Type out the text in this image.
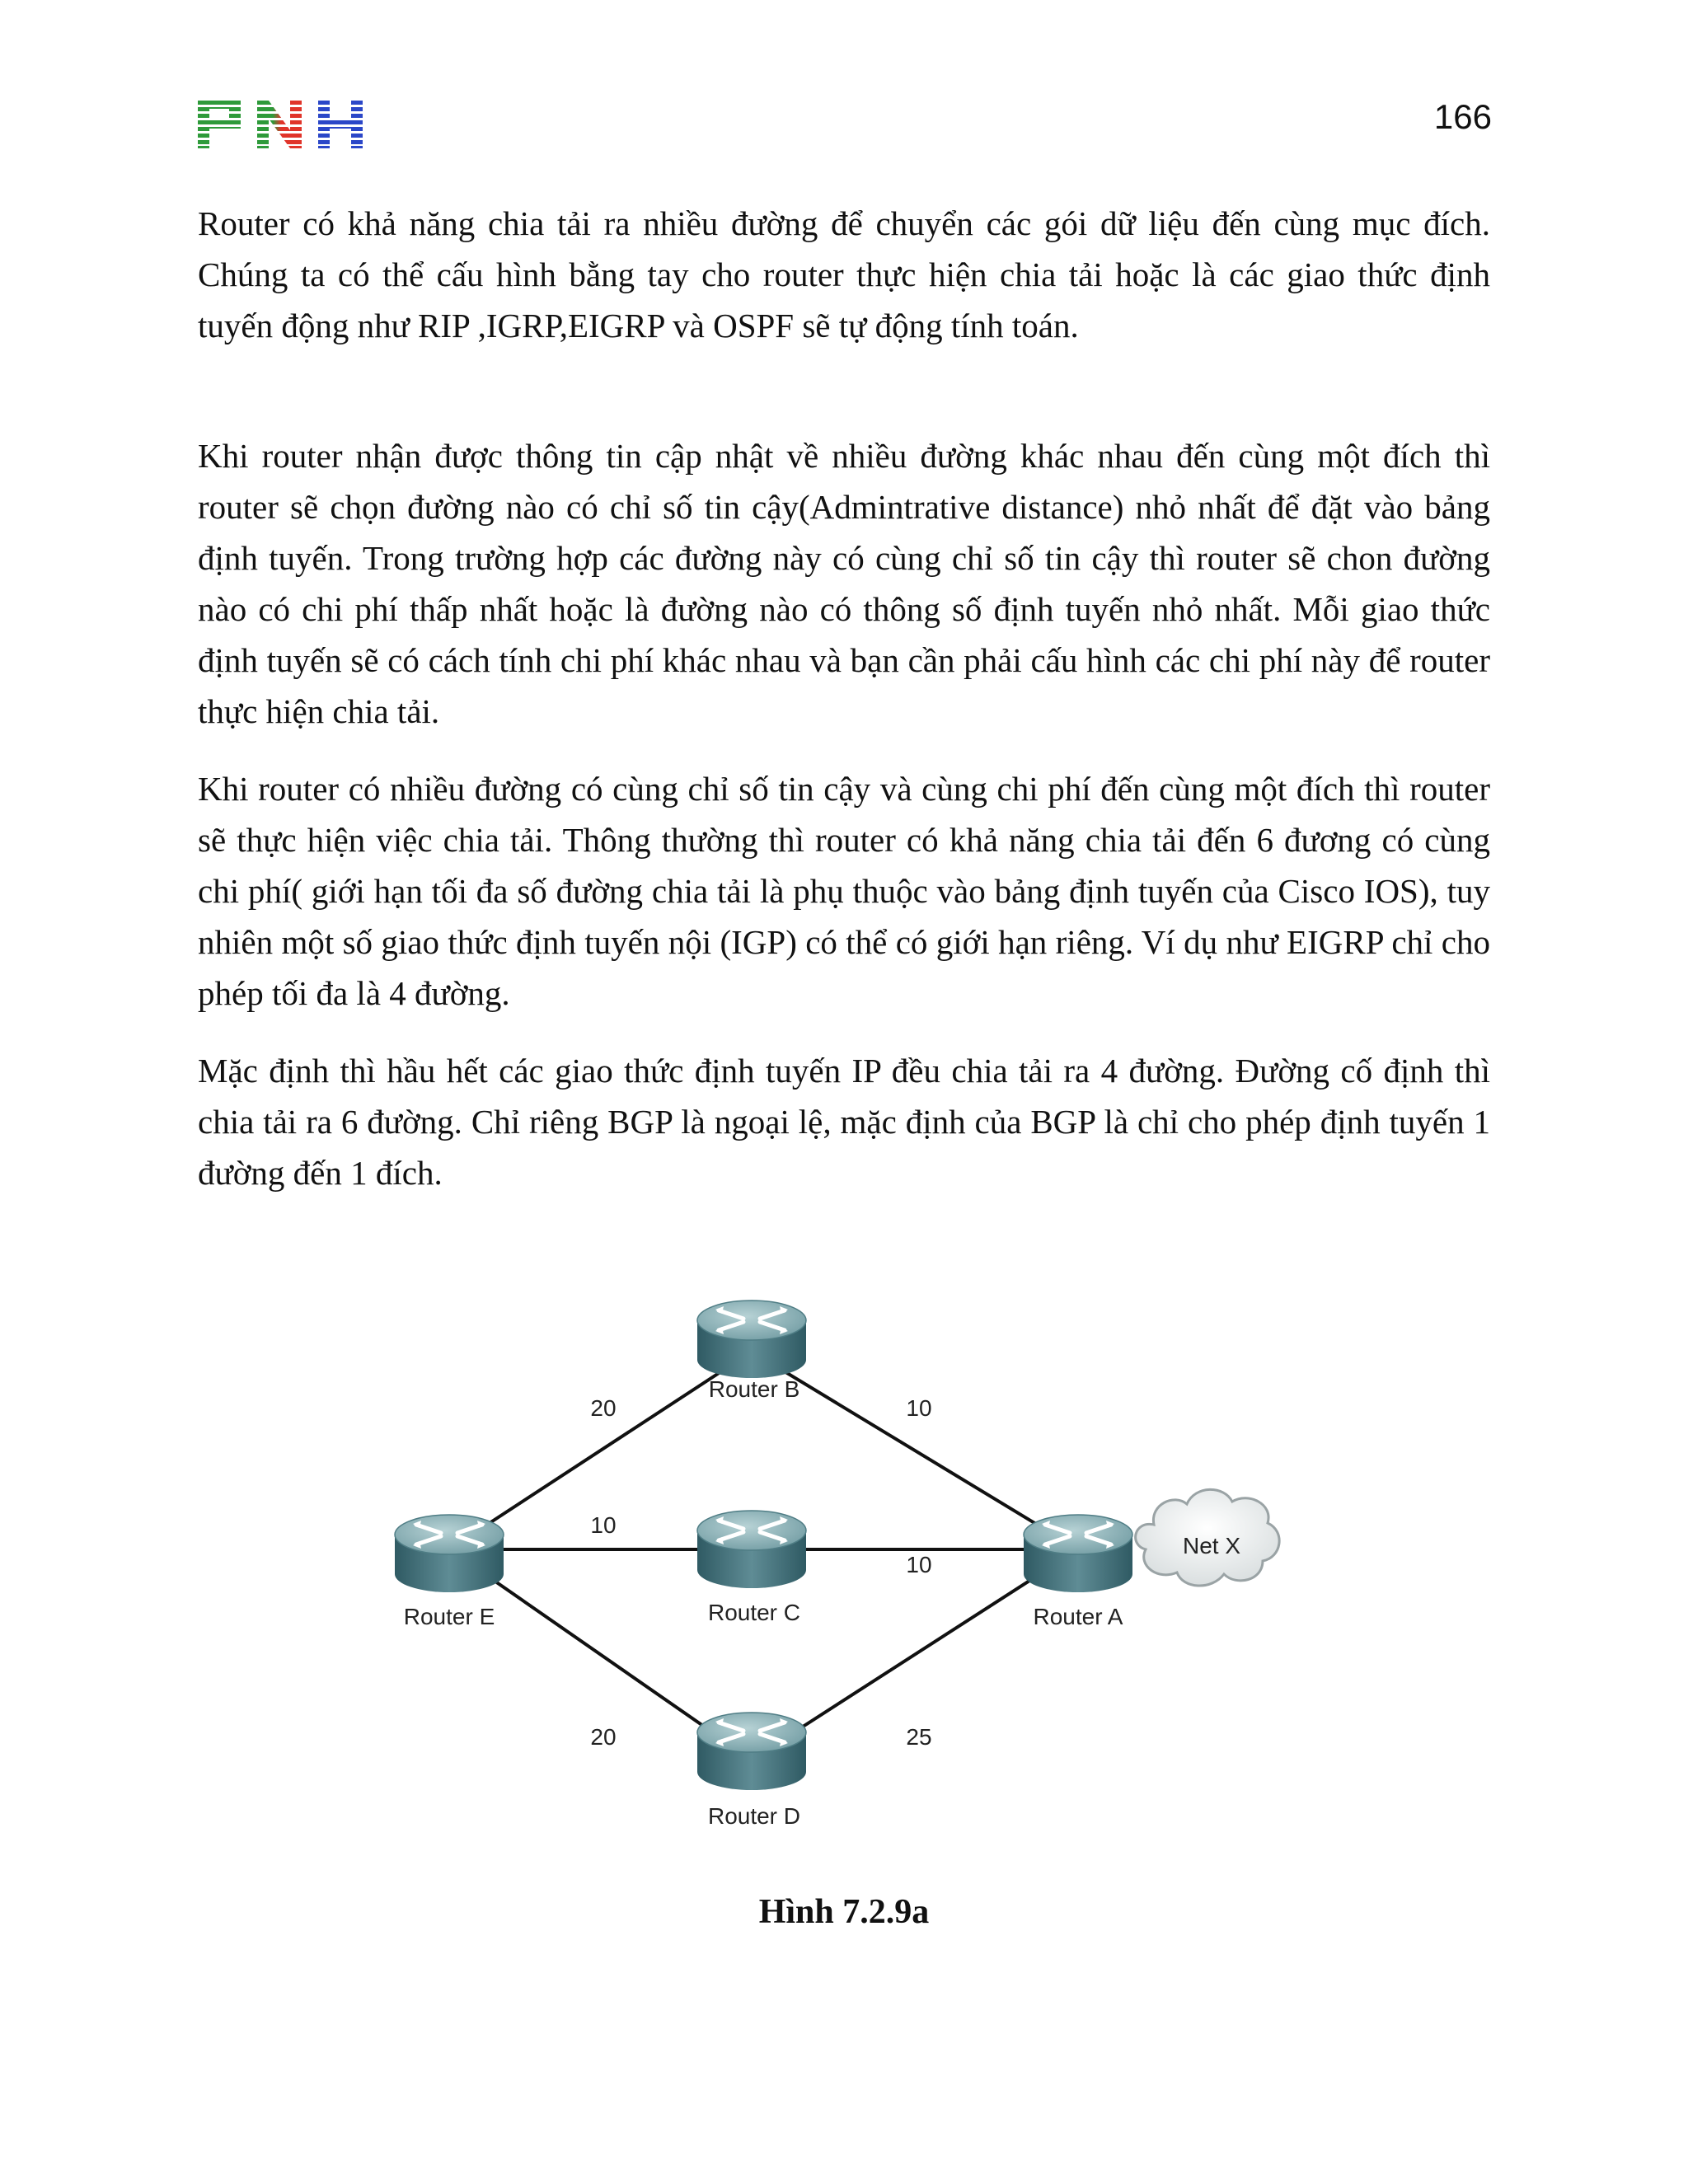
166

Router có khả năng chia tải ra nhiều đường để chuyển các gói dữ liệu đến cùng mục đích. Chúng ta có thể cấu hình bằng tay cho router thực hiện chia tải hoặc là các giao thức định tuyến động như RIP ,IGRP,EIGRP và OSPF sẽ tự động tính toán.

Khi router nhận được thông tin cập nhật về nhiều đường khác nhau đến cùng một đích thì router sẽ chọn đường nào có chỉ số tin cậy(Admintrative distance) nhỏ nhất để đặt vào bảng định tuyến. Trong trường hợp các đường này có cùng chỉ số tin cậy thì router sẽ chon đường nào có chi phí thấp nhất hoặc là đường nào có thông số định tuyến nhỏ nhất. Mỗi giao thức định tuyến sẽ có cách tính chi phí khác nhau và bạn cần phải cấu hình các chi phí này để router thực hiện chia tải.

Khi router có nhiều đường có cùng chỉ số tin cậy và cùng chi phí đến cùng một đích thì router sẽ thực hiện việc chia tải. Thông thường thì router có khả năng chia tải đến 6 đương có cùng chi phí( giới hạn tối đa số đường chia tải là phụ thuộc vào bảng định tuyến của Cisco IOS), tuy nhiên một số giao thức định tuyến nội (IGP) có thể có giới hạn riêng. Ví dụ như EIGRP chỉ cho phép tối đa là 4 đường.

Mặc định thì hầu hết các giao thức định tuyến IP đều chia tải ra 4 đường. Đường cố định thì chia tải ra 6 đường. Chỉ riêng BGP là ngoại lệ, mặc định của BGP là chỉ cho phép định tuyến 1 đường đến 1 đích.

Net X
Router B
Router C
Router D
Router E	Router A
20	10
10
10
20	25
Hình 7.2.9a
